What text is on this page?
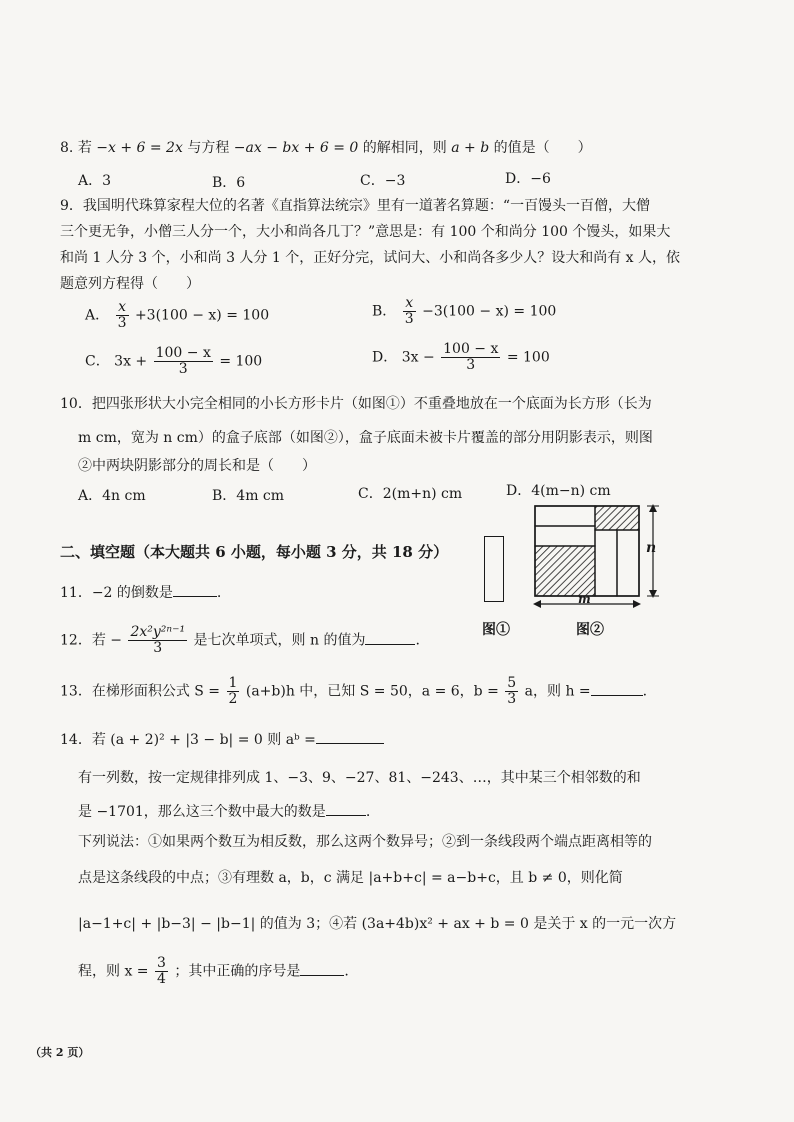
8. 若 −x + 6 = 2x 与方程 −ax − bx + 6 = 0 的解相同，则 a + b 的值是（　　）
A．3	B．6	C．−3	D．−6
9．我国明代珠算家程大位的名著《直指算法统宗》里有一道著名算题：“一百馒头一百僧，大僧
三个更无争，小僧三人分一个，大小和尚各几丁？”意思是：有 100 个和尚分 100 个馒头，如果大
和尚 1 人分 3 个，小和尚 3 人分 1 个，正好分完，试问大、小和尚各多少人？设大和尚有 x 人，依
题意列方程得（　　）
A． $\frac{x}{3} +3(100 - x) = 100$	B． $\frac{x}{3} -3(100 - x) = 100$
C． $3x + \frac{100 - x}{3} = 100$	D． $3x - \frac{100 - x}{3} = 100$
10．把四张形状大小完全相同的小长方形卡片（如图①）不重叠地放在一个底面为长方形（长为
m cm，宽为 n cm）的盒子底部（如图②），盒子底面未被卡片覆盖的部分用阴影表示，则图
②中两块阴影部分的周长和是（　　）
A．4n cm	B．4m cm	C．2(m+n) cm	D．4(m−n) cm
图①
n
m
图②
二、填空题（本大题共 6 小题，每小题 3 分，共 18 分）
11．−2 的倒数是	.
12．若 − $\frac{\text{2x²y²ⁿ⁻¹}}{3}$ 是七次单项式，则 n 的值为	.
13．在梯形面积公式 $S = \frac{1}{2} (a+b)h$ 中，已知 S = 50，a = 6，$b = \frac{5}{3}$ a，则 h =	.
14．若 (a + 2)² + |3 − b| = 0 则 aᵇ =
有一列数，按一定规律排列成 1、−3、9、−27、81、−243、…，其中某三个相邻数的和
是 −1701，那么这三个数中最大的数是	.
下列说法：①如果两个数互为相反数，那么这两个数异号；②到一条线段两个端点距离相等的
点是这条线段的中点；③有理数 a，b，c 满足 |a+b+c| = a−b+c，且 b ≠ 0，则化简
|a−1+c| + |b−3| − |b−1| 的值为 3；④若 (3a+4b)x² + ax + b = 0 是关于 x 的一元一次方
程，则 $x = \frac{3}{4}$ ；其中正确的序号是	.
（共 2 页）
